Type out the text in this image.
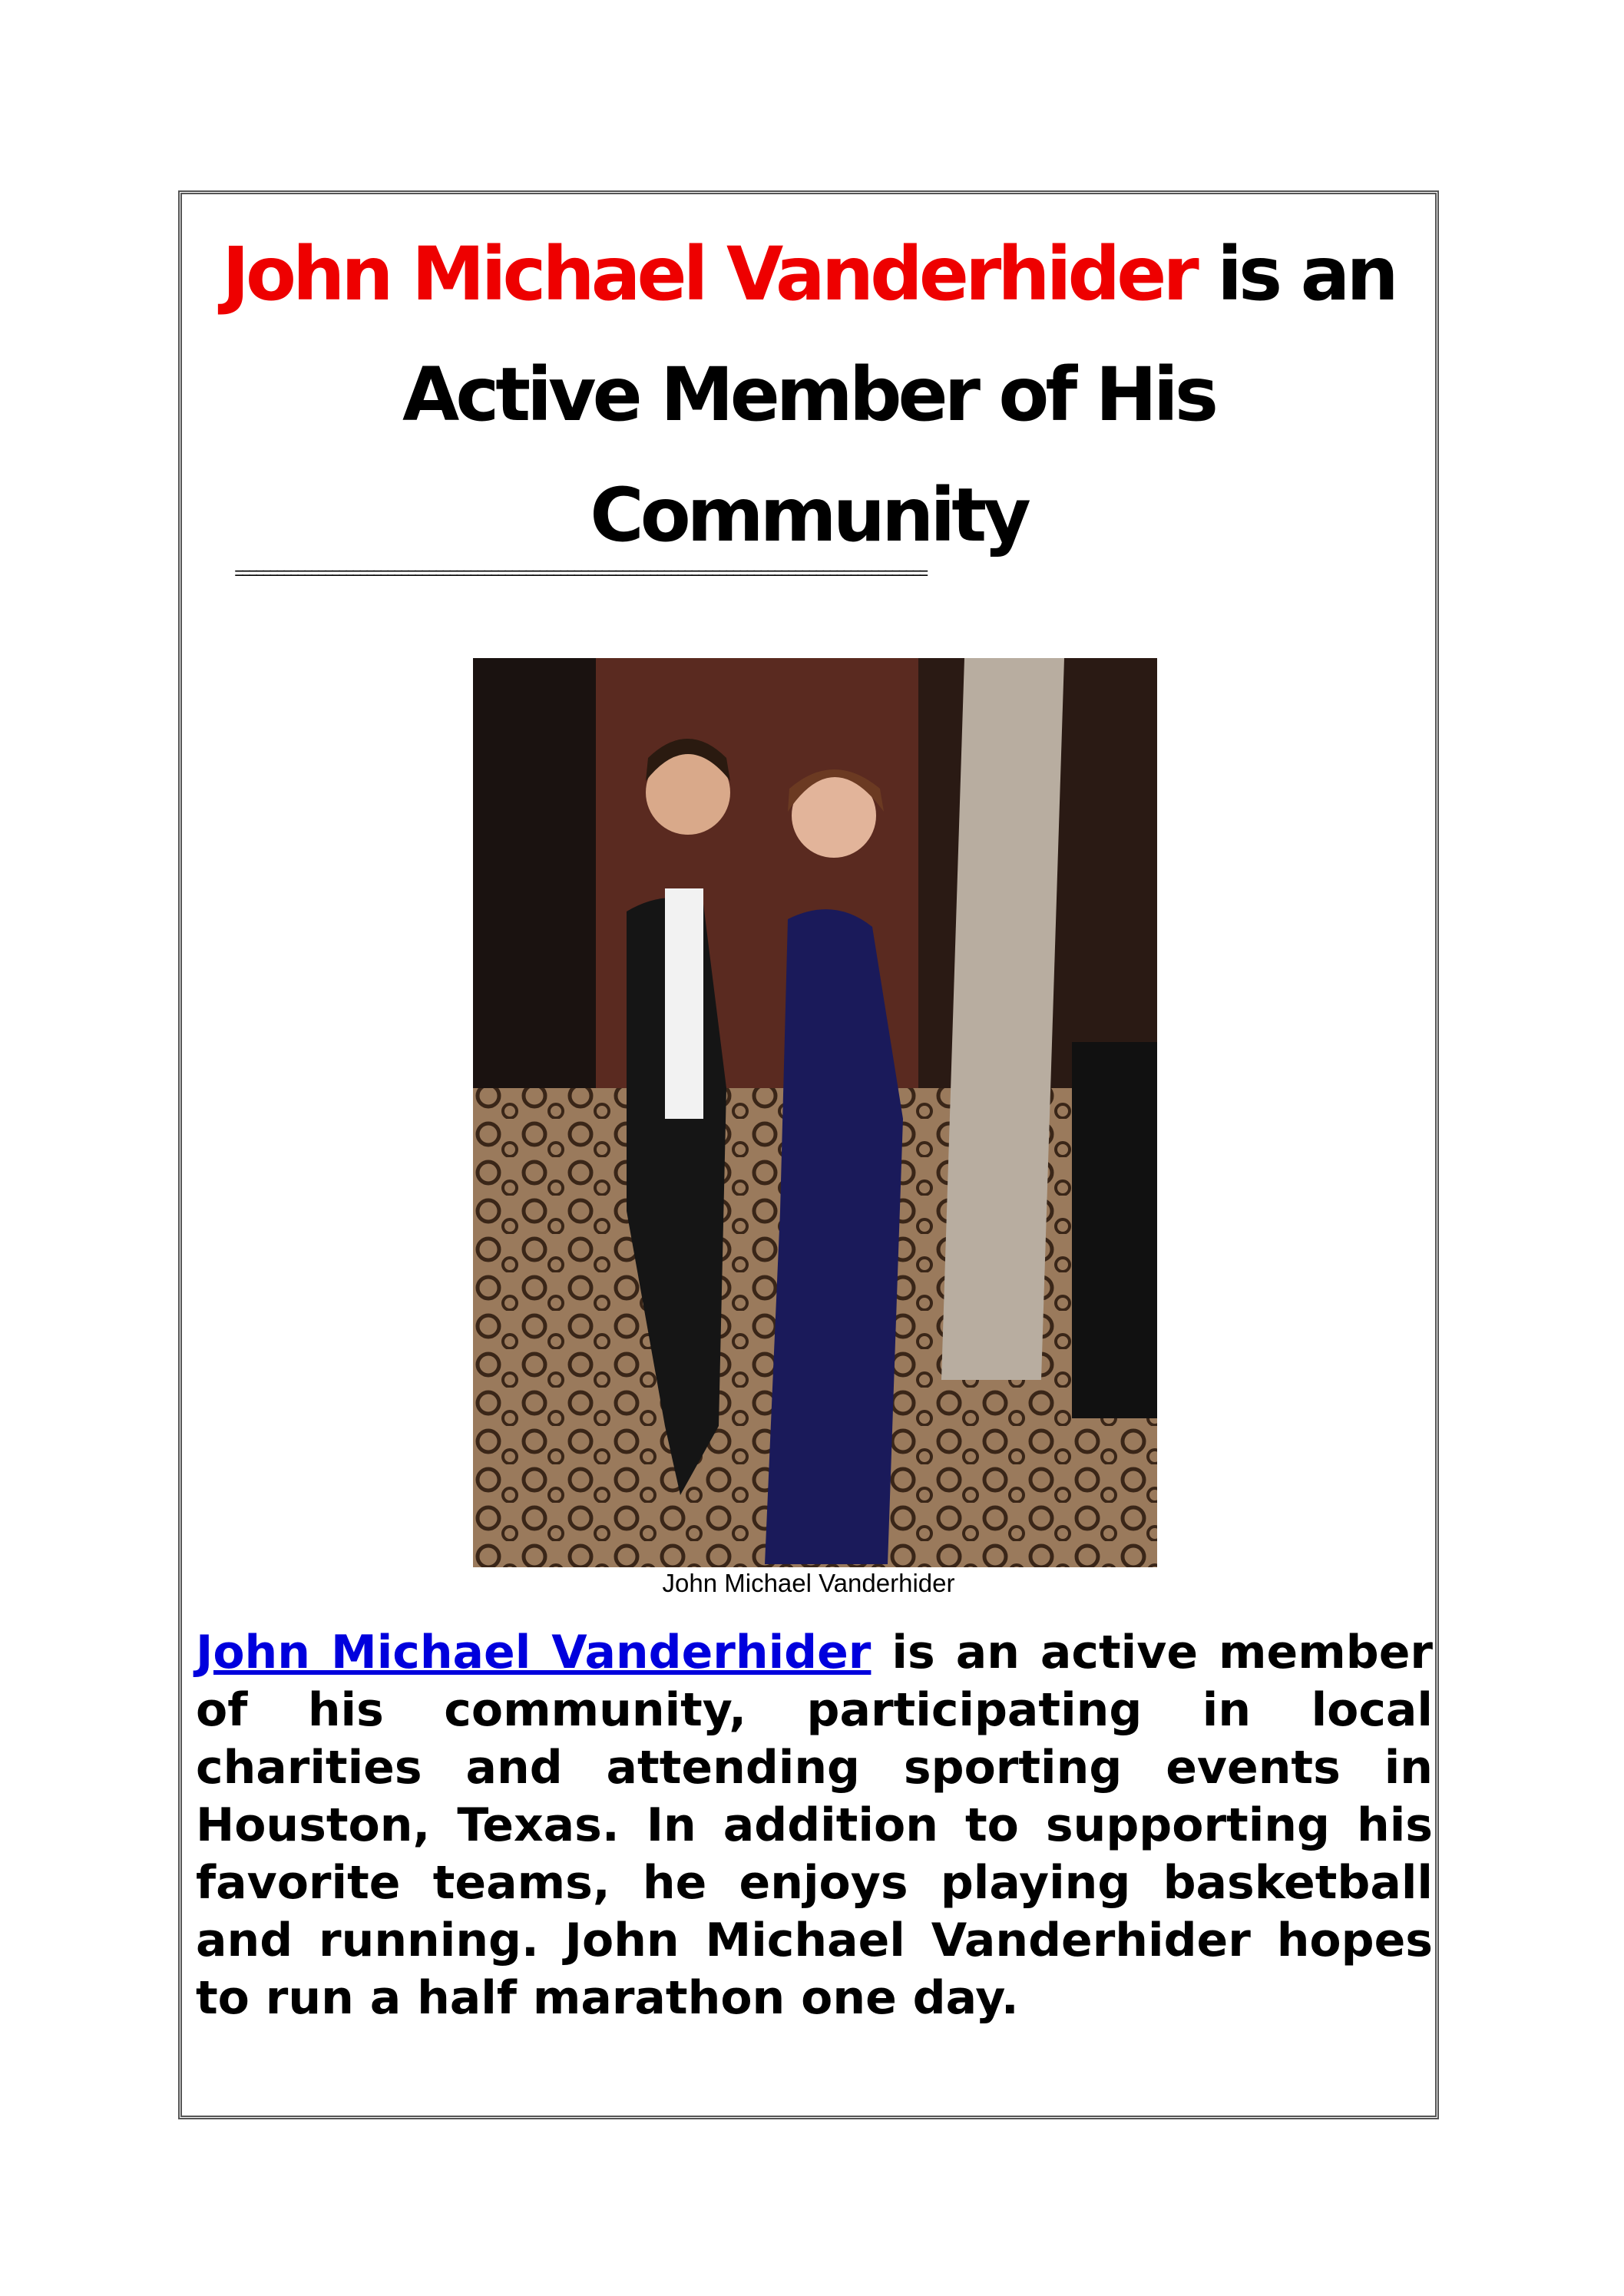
John Michael Vanderhider is an Active Member of His Community
====================================================================================================
John Michael Vanderhider
John Michael Vanderhider is an active member of his community, participating in local charities and attending sporting events in Houston, Texas. In addition to supporting his favorite teams, he enjoys playing basketball and running. John Michael Vanderhider hopes to run a half marathon one day.
